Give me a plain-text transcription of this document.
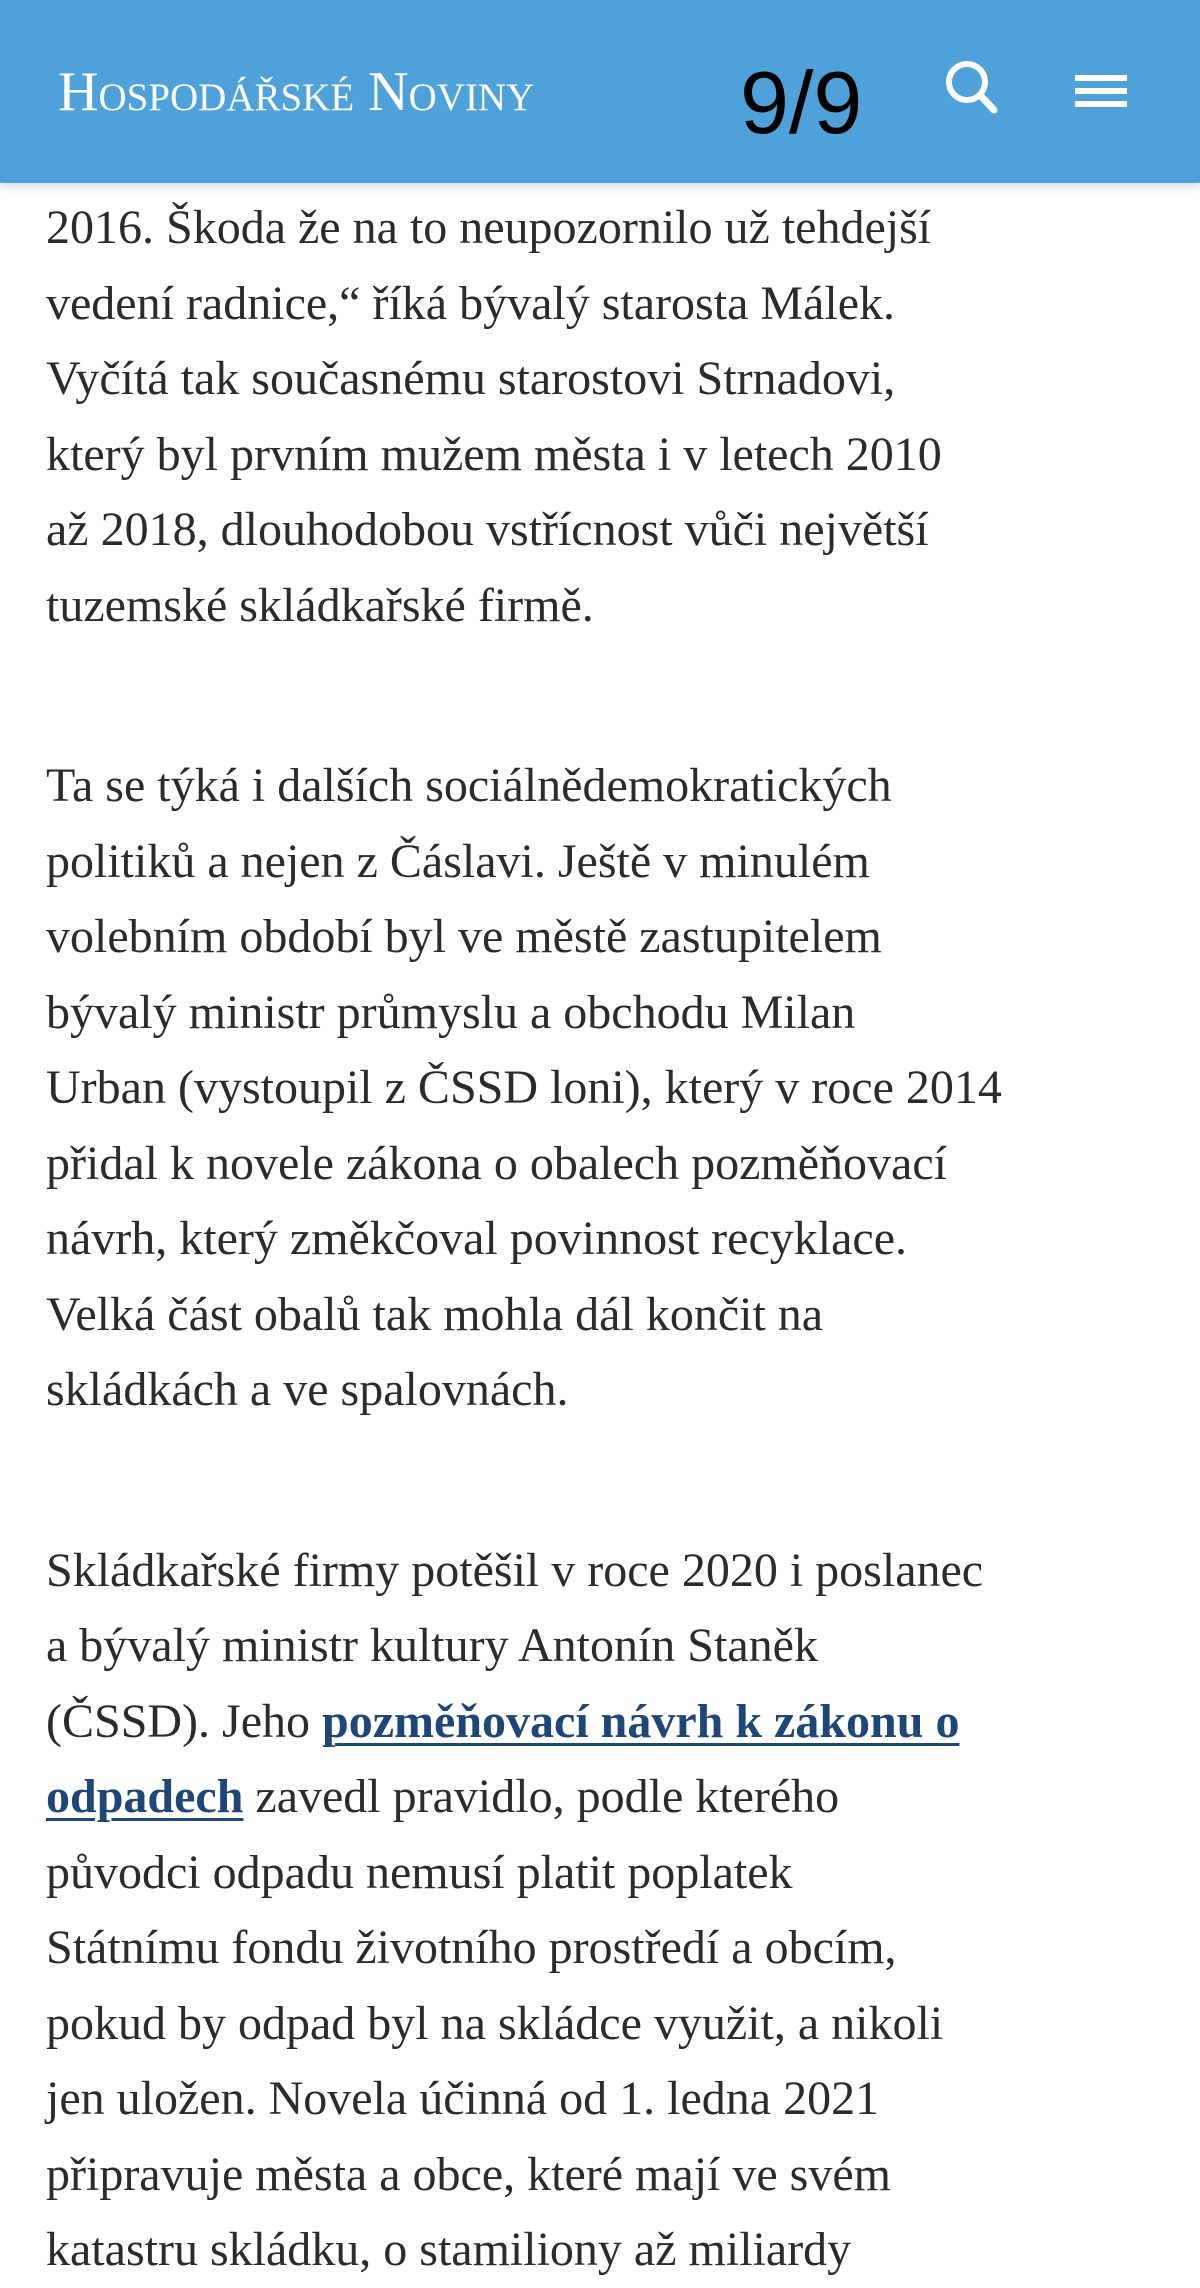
Hospodářské Noviny 9/9

2016. Škoda že na to neupozornilo už tehdejší
vedení radnice,“ říká bývalý starosta Málek.
Vyčítá tak současnému starostovi Strnadovi,
který byl prvním mužem města i v letech 2010
až 2018, dlouhodobou vstřícnost vůči největší
tuzemské skládkařské firmě.

Ta se týká i dalších sociálnědemokratických
politiků a nejen z Čáslavi. Ještě v minulém
volebním období byl ve městě zastupitelem
bývalý ministr průmyslu a obchodu Milan
Urban (vystoupil z ČSSD loni), který v roce 2014
přidal k novele zákona o obalech pozměňovací
návrh, který změkčoval povinnost recyklace.
Velká část obalů tak mohla dál končit na
skládkách a ve spalovnách.

Skládkařské firmy potěšil v roce 2020 i poslanec
a bývalý ministr kultury Antonín Staněk
(ČSSD). Jeho pozměňovací návrh k zákonu o
odpadech zavedl pravidlo, podle kterého
původci odpadu nemusí platit poplatek
Státnímu fondu životního prostředí a obcím,
pokud by odpad byl na skládce využit, a nikoli
jen uložen. Novela účinná od 1. ledna 2021
připravuje města a obce, které mají ve svém
katastru skládku, o stamiliony až miliardy
